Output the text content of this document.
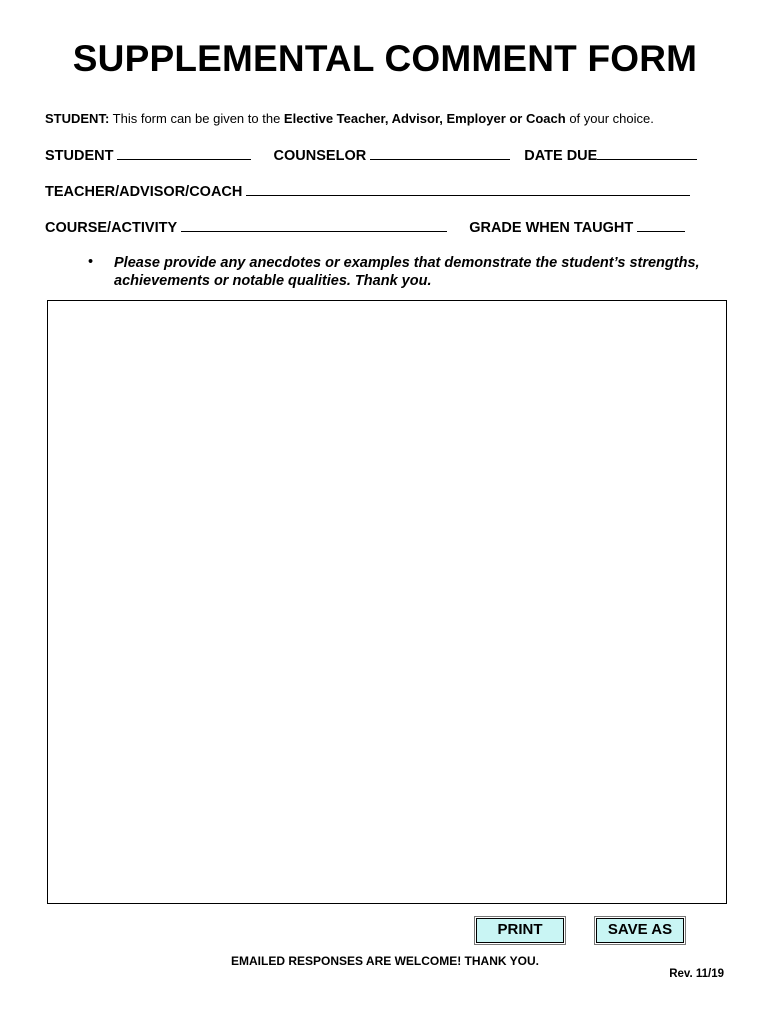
SUPPLEMENTAL COMMENT FORM
STUDENT: This form can be given to the Elective Teacher, Advisor, Employer or Coach of your choice.
STUDENT	COUNSELOR	DATE DUE
TEACHER/ADVISOR/COACH
COURSE/ACTIVITY	GRADE WHEN TAUGHT
• Please provide any anecdotes or examples that demonstrate the student’s strengths, achievements or notable qualities. Thank you.
PRINT	SAVE AS
EMAILED RESPONSES ARE WELCOME! THANK YOU.
Rev. 11/19
